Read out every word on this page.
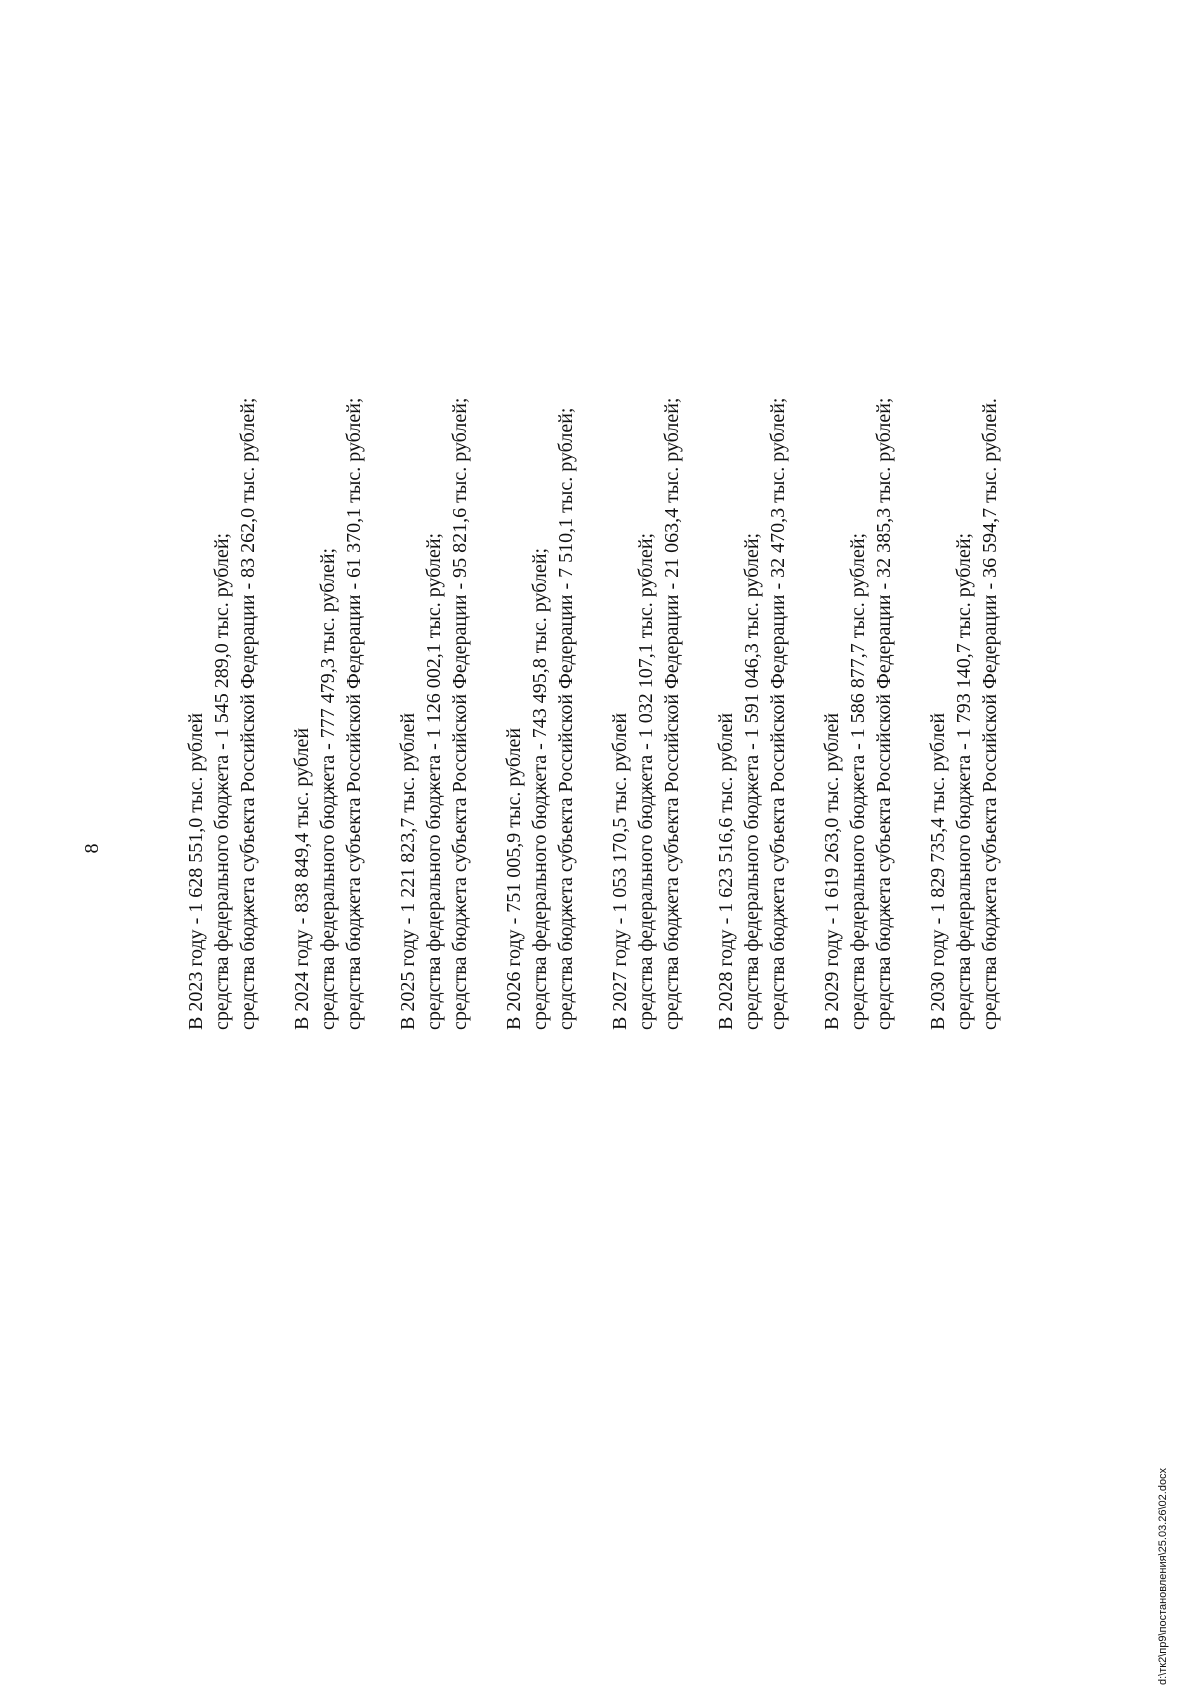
8	В 2023 году - 1 628 551,0 тыс. рублей средства федерального бюджета - 1 545 289,0 тыс. рублей; средства бюджета субъекта Российской Федерации - 83 262,0 тыс. рублей; В 2024 году - 838 849,4 тыс. рублей средства федерального бюджета - 777 479,3 тыс. рублей; средства бюджета субъекта Российской Федерации - 61 370,1 тыс. рублей; В 2025 году - 1 221 823,7 тыс. рублей средства федерального бюджета - 1 126 002,1 тыс. рублей; средства бюджета субъекта Российской Федерации - 95 821,6 тыс. рублей; В 2026 году - 751 005,9 тыс. рублей средства федерального бюджета - 743 495,8 тыс. рублей; средства бюджета субъекта Российской Федерации - 7 510,1 тыс. рублей; В 2027 году - 1 053 170,5 тыс. рублей средства федерального бюджета - 1 032 107,1 тыс. рублей; средства бюджета субъекта Российской Федерации - 21 063,4 тыс. рублей; В 2028 году - 1 623 516,6 тыс. рублей средства федерального бюджета - 1 591 046,3 тыс. рублей; средства бюджета субъекта Российской Федерации - 32 470,3 тыс. рублей; В 2029 году - 1 619 263,0 тыс. рублей средства федерального бюджета - 1 586 877,7 тыс. рублей; средства бюджета субъекта Российской Федерации - 32 385,3 тыс. рублей; В 2030 году - 1 829 735,4 тыс. рублей средства федерального бюджета - 1 793 140,7 тыс. рублей; средства бюджета субъекта Российской Федерации - 36 594,7 тыс. рублей.
d:\тк2\пр9\постановления\25.03.26\02.docx
